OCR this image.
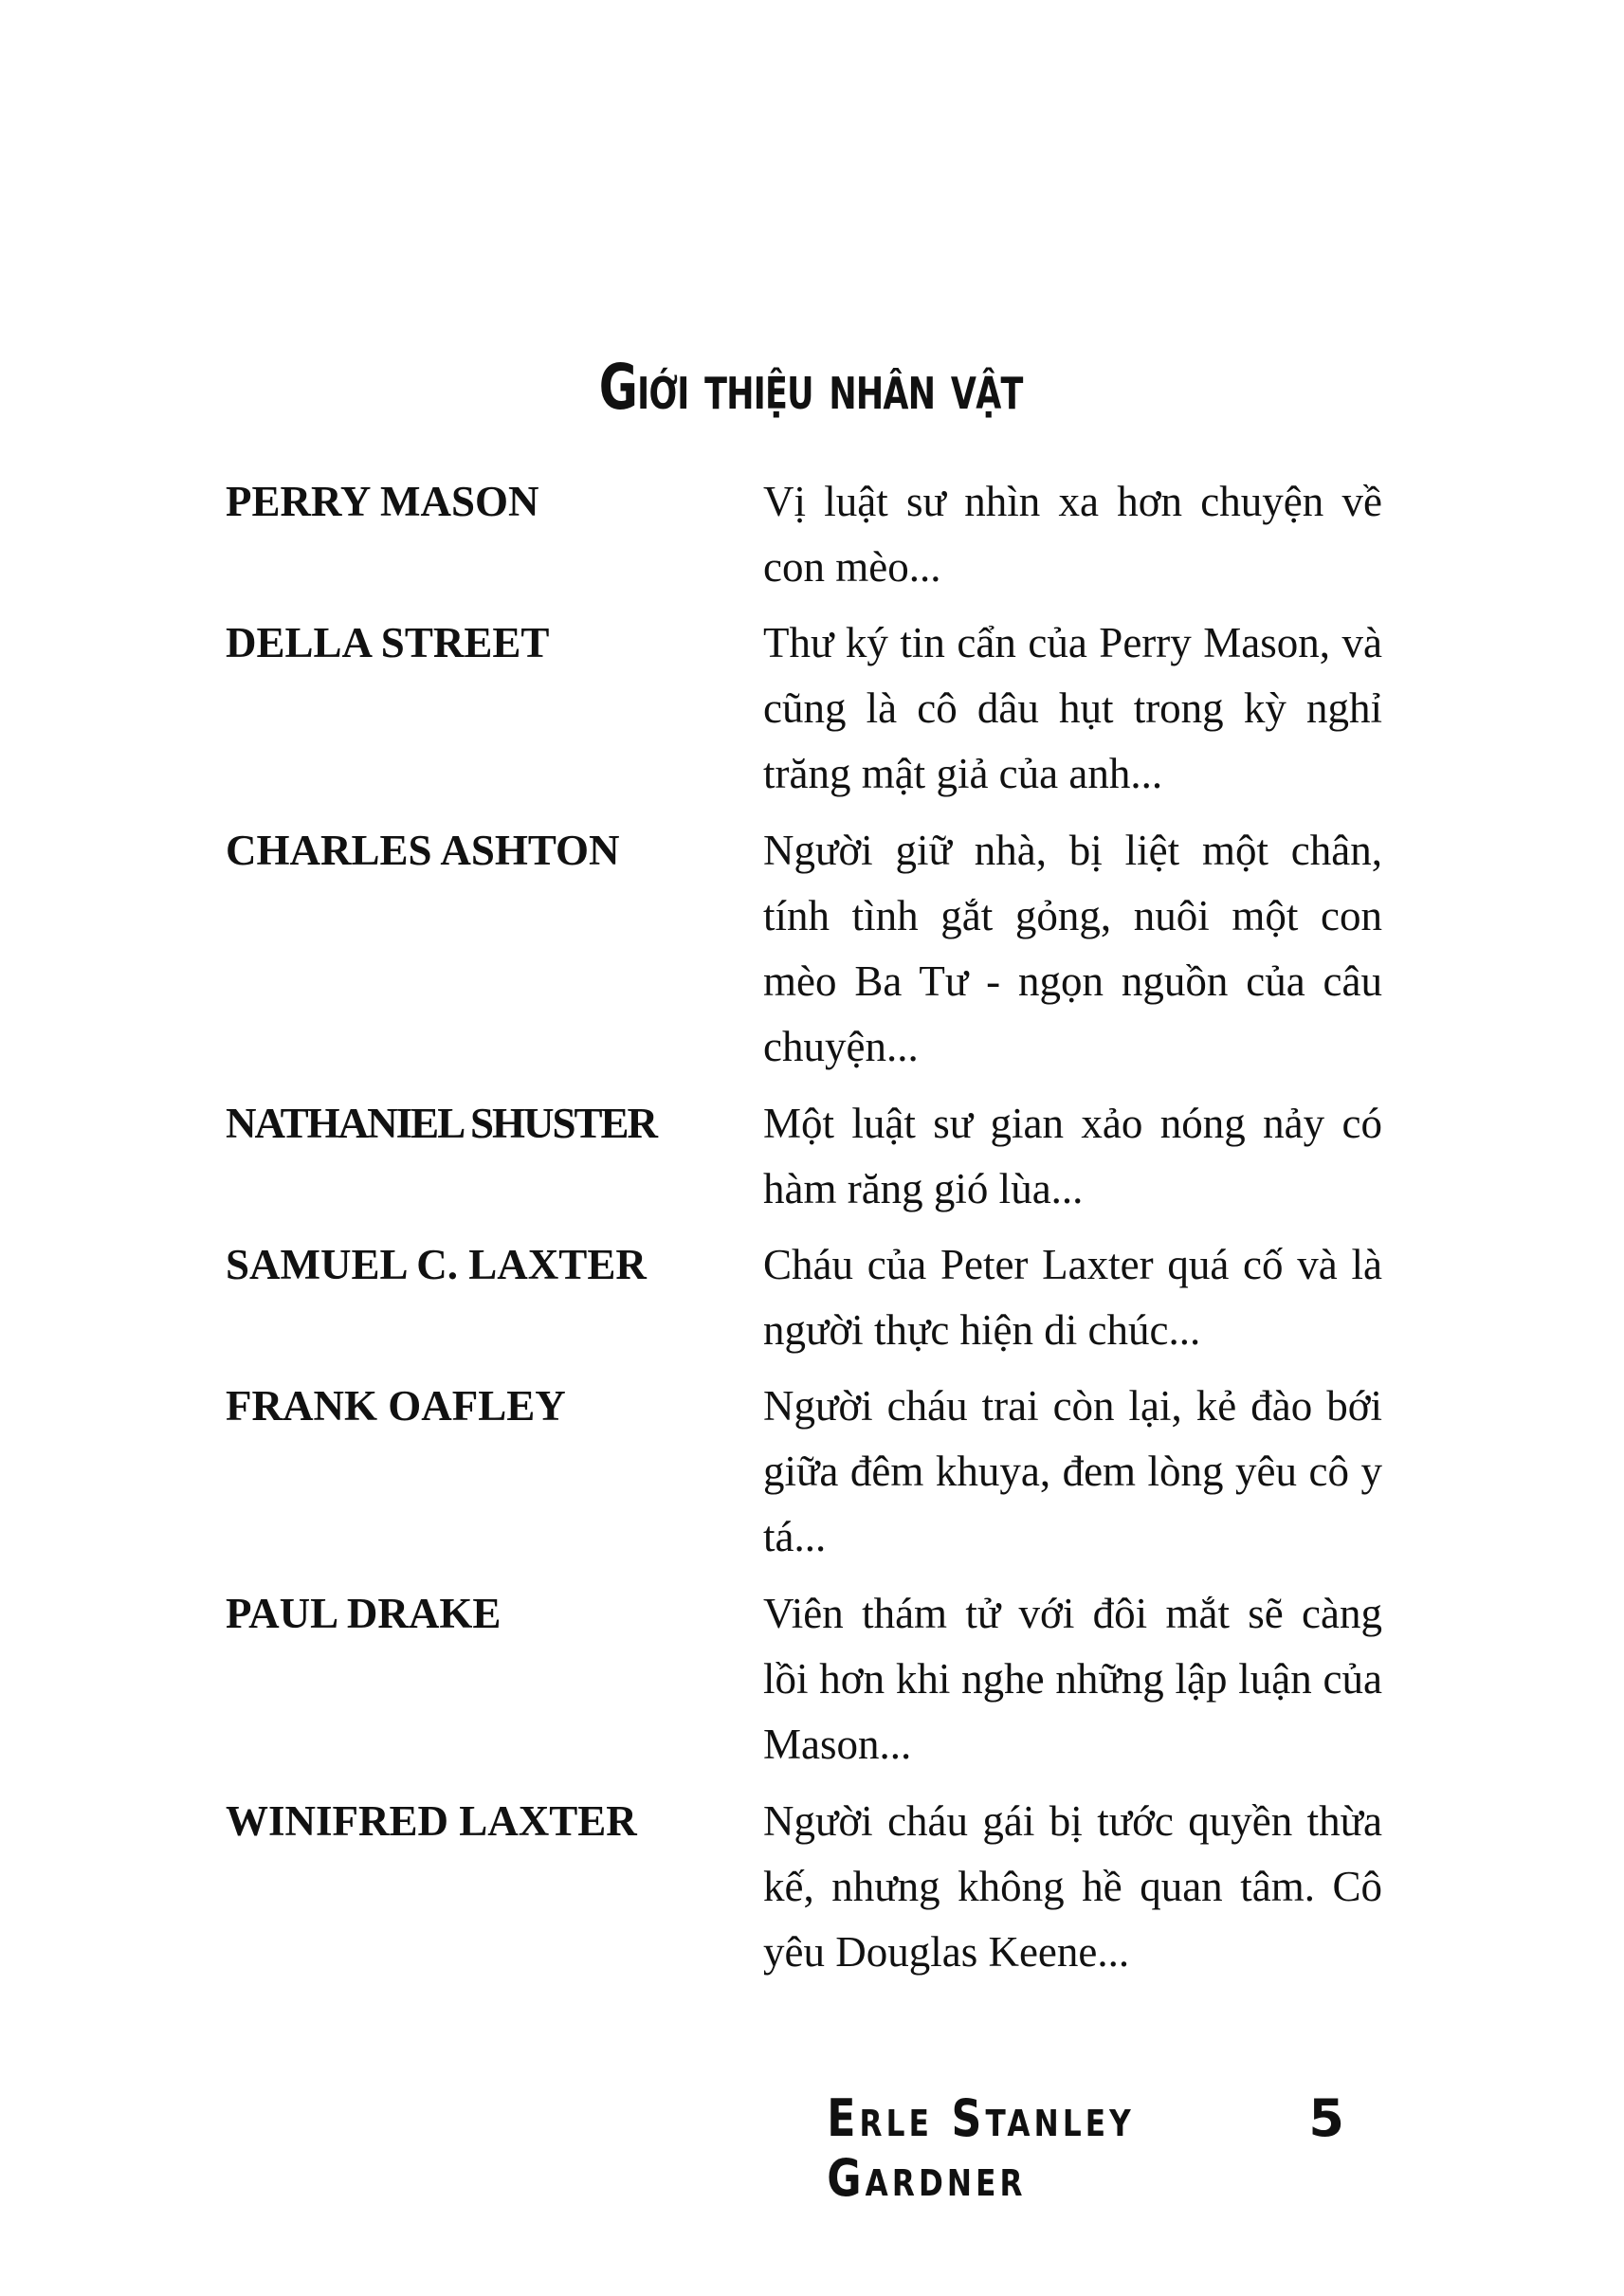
Giới thiệu nhân vật
PERRY MASON	Vị luật sư nhìn xa hơn chuyện về con mèo...
DELLA STREET	Thư ký tin cẩn của Perry Mason, và cũng là cô dâu hụt trong kỳ nghỉ trăng mật giả của anh...
CHARLES ASHTON	Người giữ nhà, bị liệt một chân, tính tình gắt gỏng, nuôi một con mèo Ba Tư - ngọn nguồn của câu chuyện...
NATHANIEL SHUSTER	Một luật sư gian xảo nóng nảy có hàm răng gió lùa...
SAMUEL C. LAXTER	Cháu của Peter Laxter quá cố và là người thực hiện di chúc...
FRANK OAFLEY	Người cháu trai còn lại, kẻ đào bới giữa đêm khuya, đem lòng yêu cô y tá...
PAUL DRAKE	Viên thám tử với đôi mắt sẽ càng lồi hơn khi nghe những lập luận của Mason...
WINIFRED LAXTER	Người cháu gái bị tước quyền thừa kế, nhưng không hề quan tâm. Cô yêu Douglas Keene...
Erle Stanley Gardner
5
